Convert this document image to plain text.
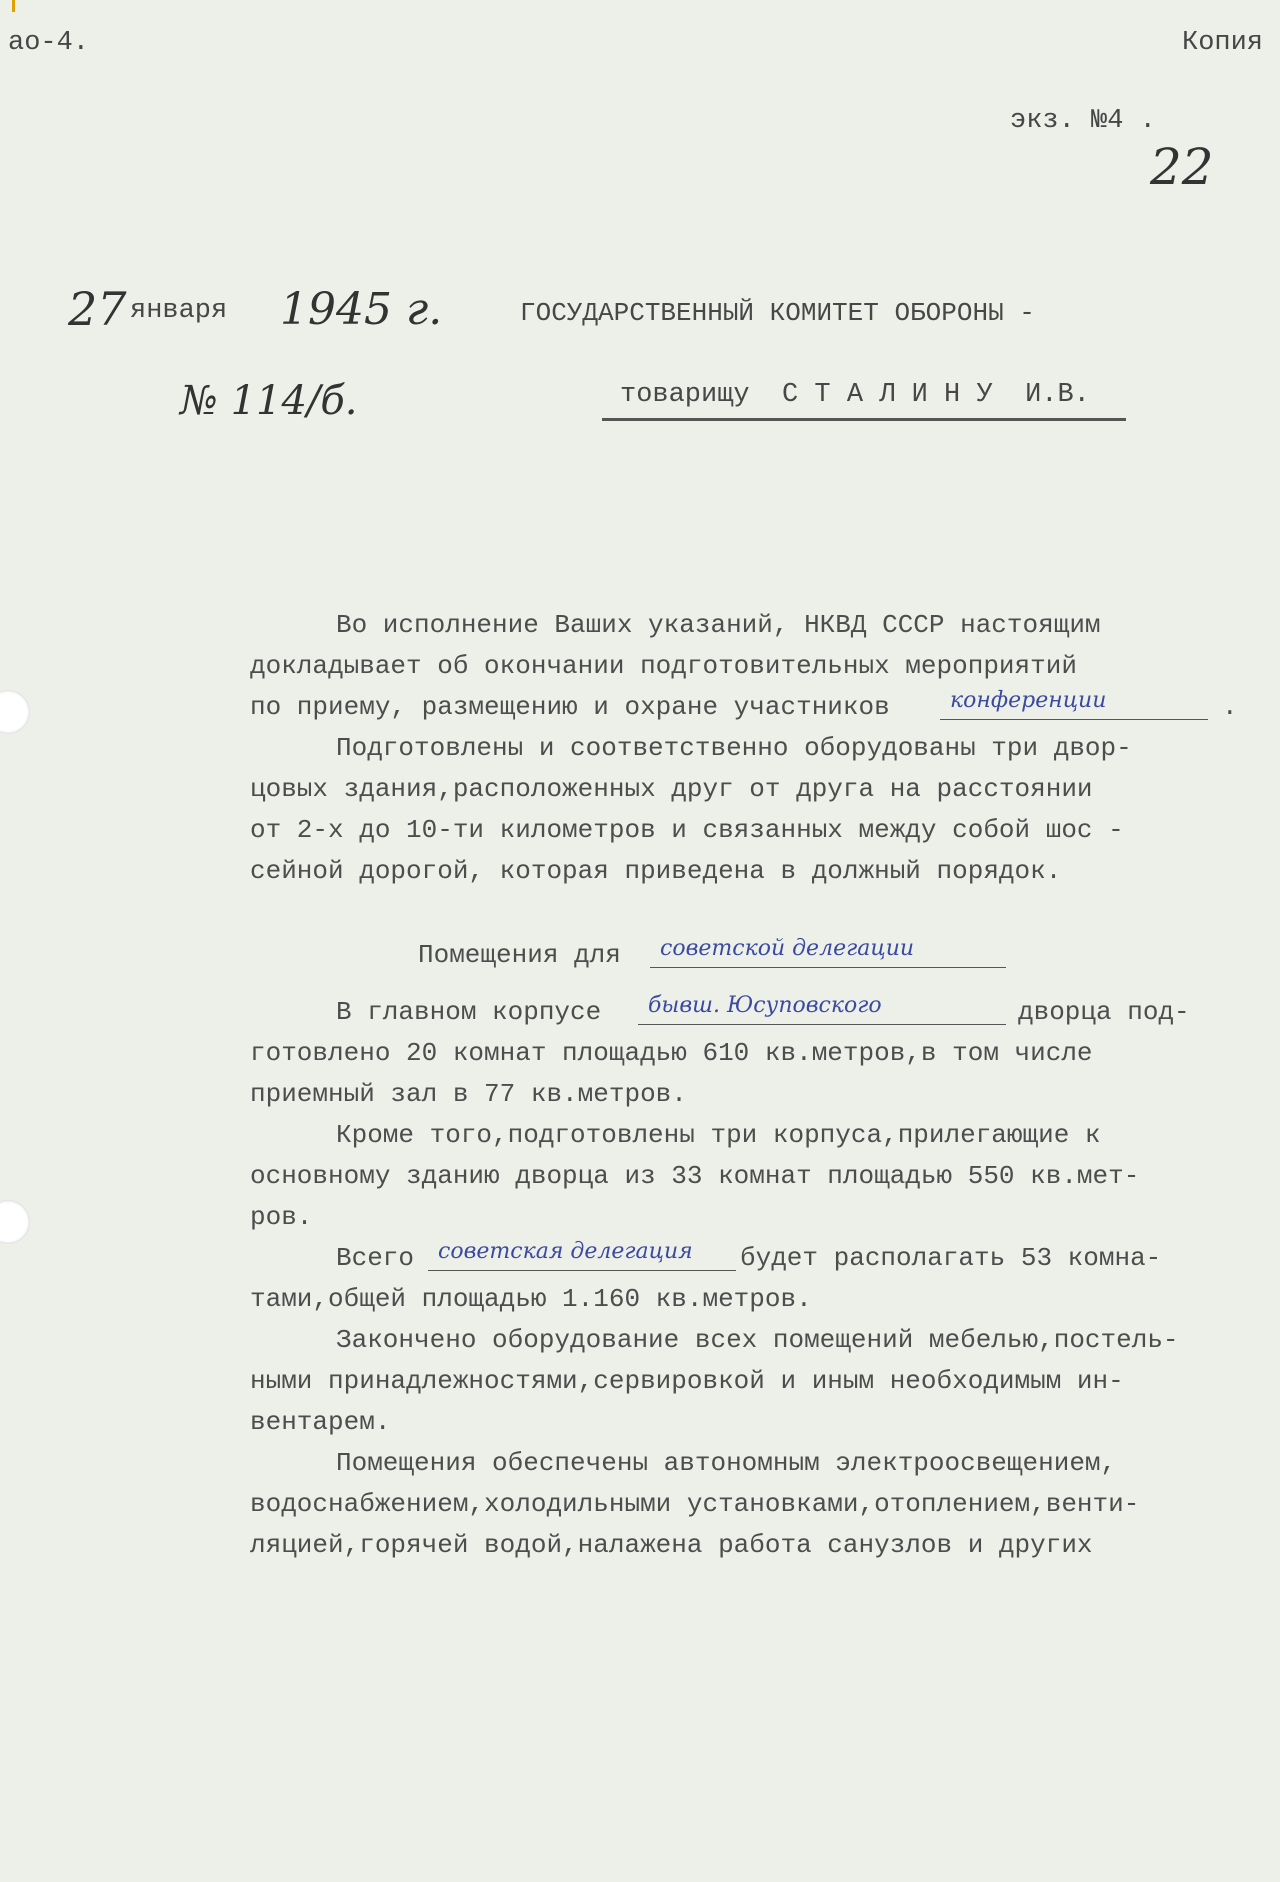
ао-4.	Копия
экз. №4 .
22
27 января 1945 г.
№ 114/б.
ГОСУДАРСТВЕННЫЙ КОМИТЕТ ОБОРОНЫ -
товарищу  С Т А Л И Н У  И.В.
Во исполнение Ваших указаний, НКВД СССР настоящим
докладывает об окончании подготовительных мероприятий
по приему, размещению и охране участников	конференции	.
Подготовлены и соответственно оборудованы три двор-
цовых здания,расположенных друг от друга на расстоянии
от 2-х до 10-ти километров и связанных между собой шос -
сейной дорогой, которая приведена в должный порядок.
Помещения для	советской делегации
В главном корпусе	бывш. Юсуповского	дворца под-
готовлено 20 комнат площадью 610 кв.метров,в том числе
приемный зал в 77 кв.метров.
Кроме того,подготовлены три корпуса,прилегающие к
основному зданию дворца из 33 комнат площадью 550 кв.мет-
ров.
Всего	советская делегация	будет располагать 53 комна-
тами,общей площадью 1.160 кв.метров.
Закончено оборудование всех помещений мебелью,постель-
ными принадлежностями,сервировкой и иным необходимым ин-
вентарем.
Помещения обеспечены автономным электроосвещением,
водоснабжением,холодильными установками,отоплением,венти-
ляцией,горячей водой,налажена работа санузлов и других
